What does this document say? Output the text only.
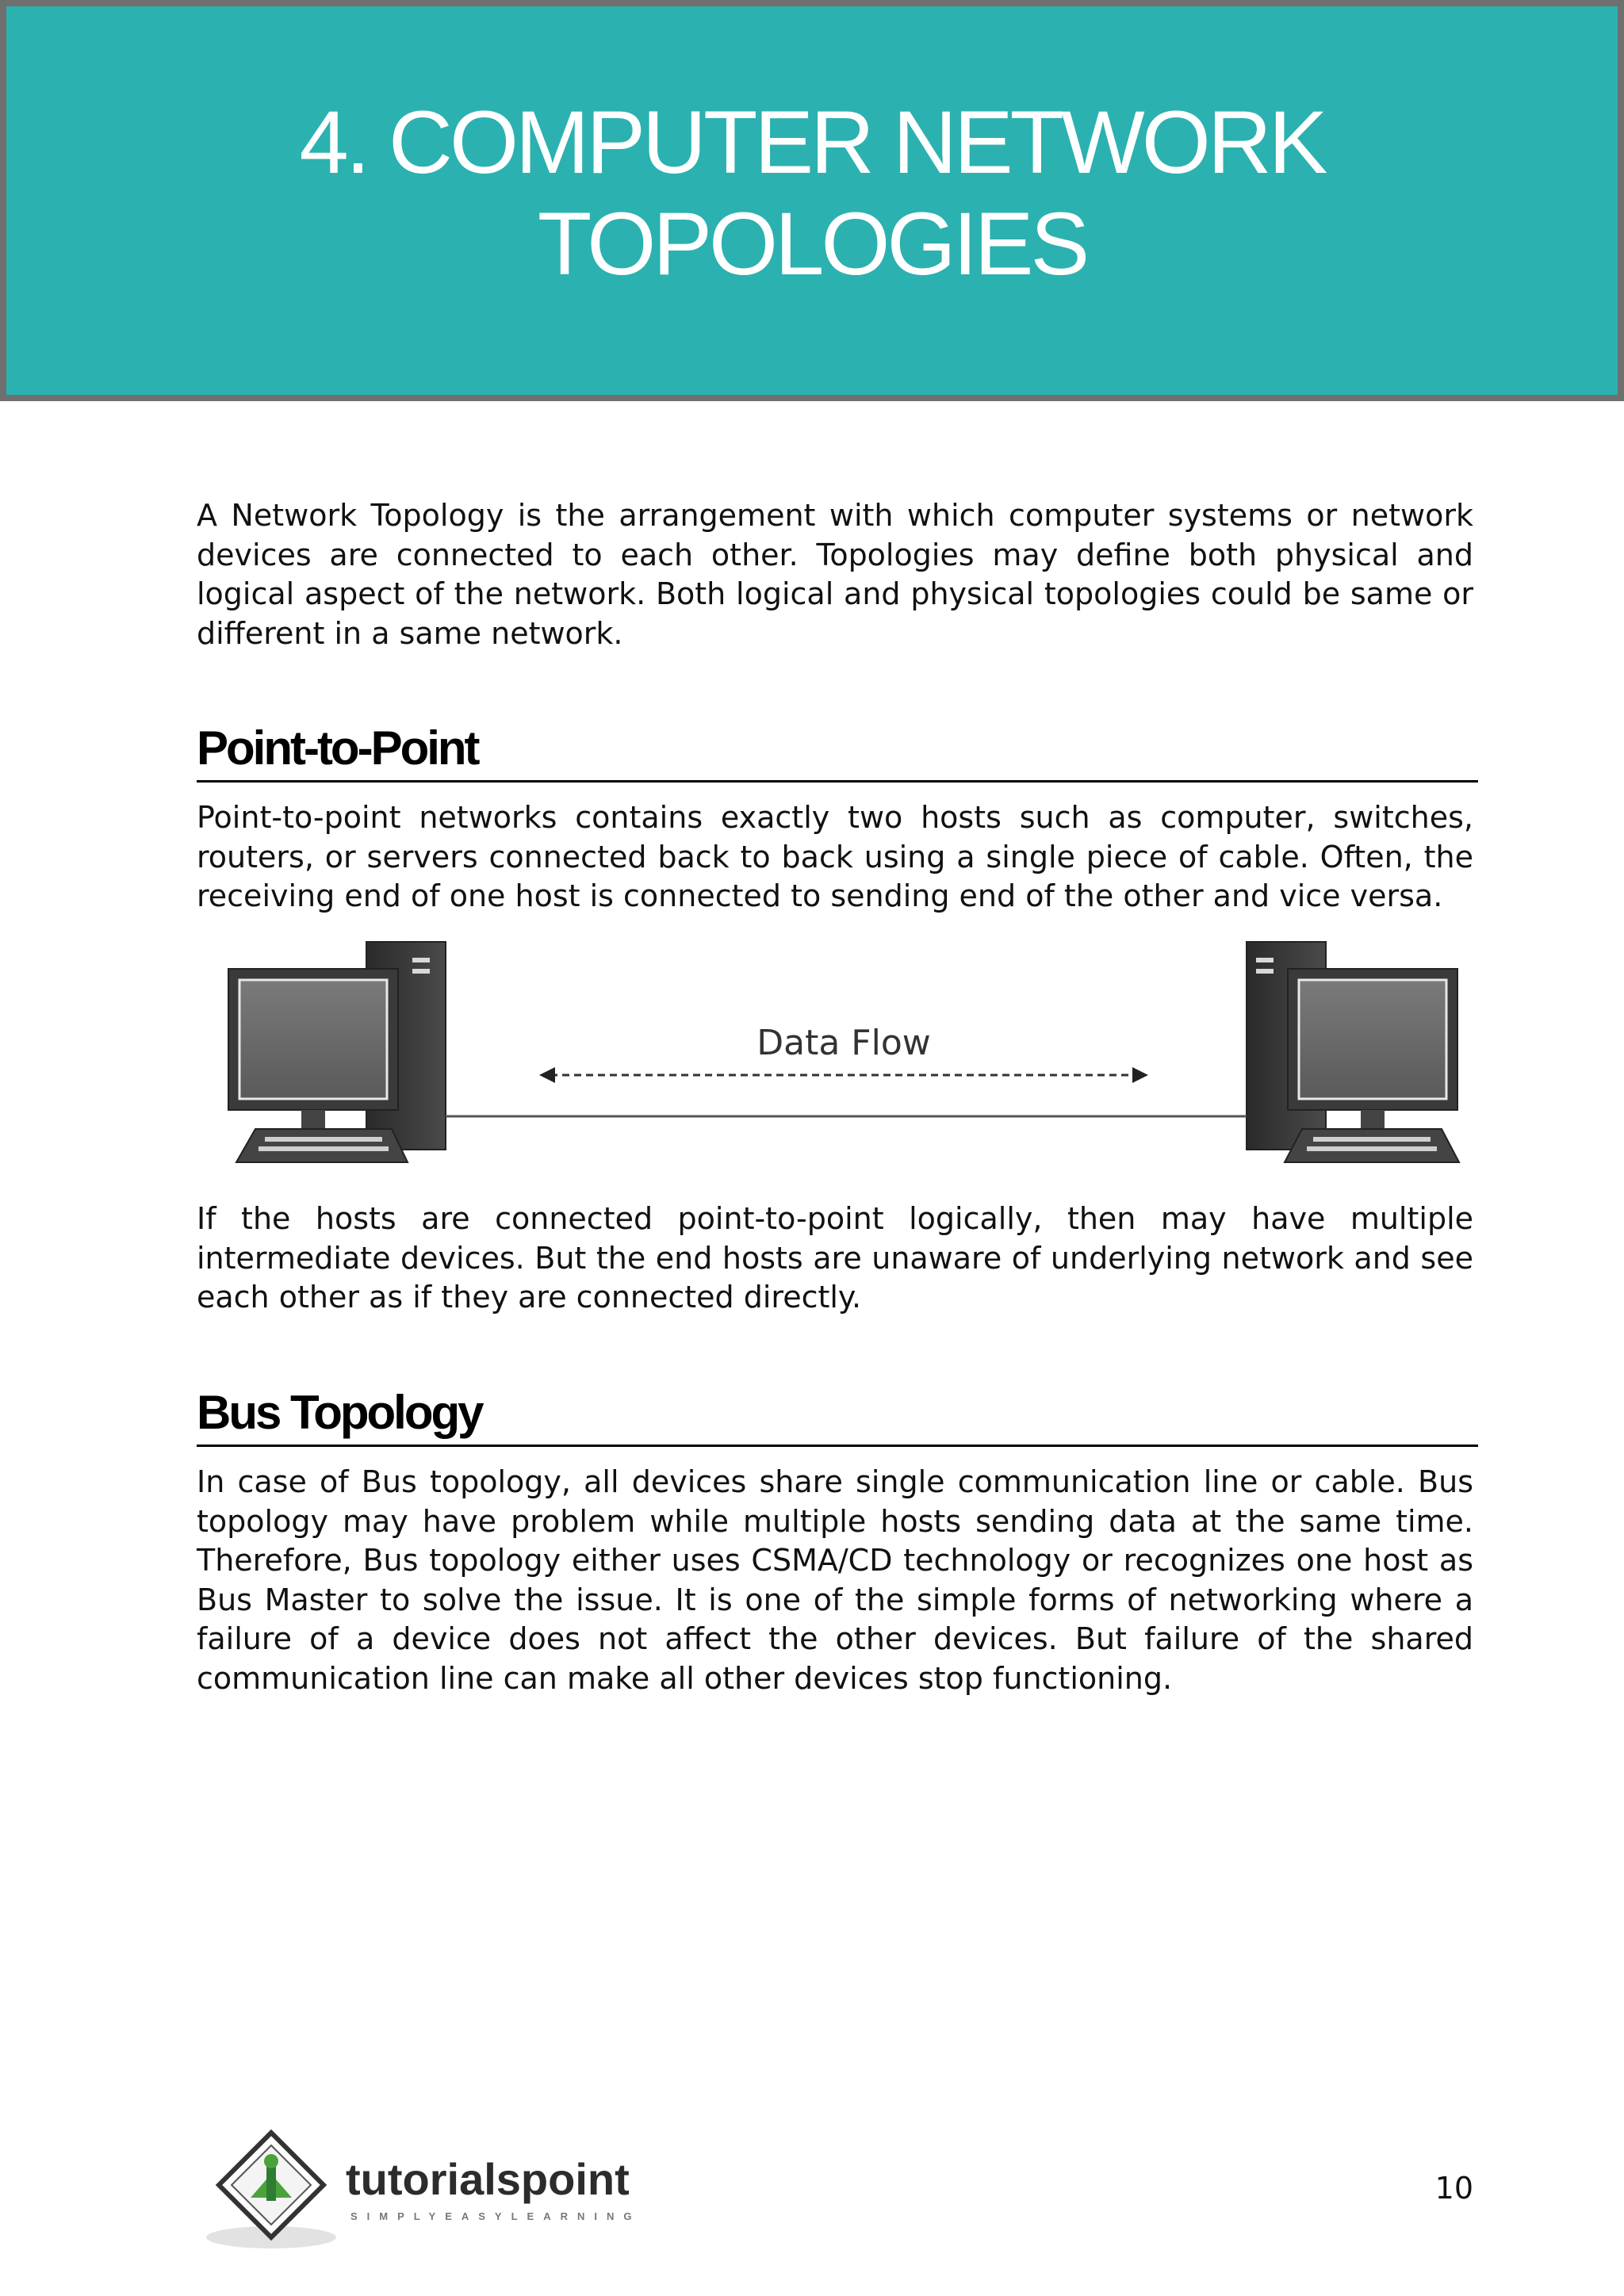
4. COMPUTER NETWORK
TOPOLOGIES

A Network Topology is the arrangement with which computer systems or network devices are connected to each other. Topologies may define both physical and logical aspect of the network. Both logical and physical topologies could be same or different in a same network.

Point-to-Point

Point-to-point networks contains exactly two hosts such as computer, switches, routers, or servers connected back to back using a single piece of cable. Often, the receiving end of one host is connected to sending end of the other and vice versa.

Data Flow

If the hosts are connected point-to-point logically, then may have multiple intermediate devices. But the end hosts are unaware of underlying network and see each other as if they are connected directly.

Bus Topology

In case of Bus topology, all devices share single communication line or cable. Bus topology may have problem while multiple hosts sending data at the same time. Therefore, Bus topology either uses CSMA/CD technology or recognizes one host as Bus Master to solve the issue. It is one of the simple forms of networking where a failure of a device does not affect the other devices. But failure of the shared communication line can make all other devices stop functioning.

tutorialspoint
SIMPLYEASYLEARNING
10
